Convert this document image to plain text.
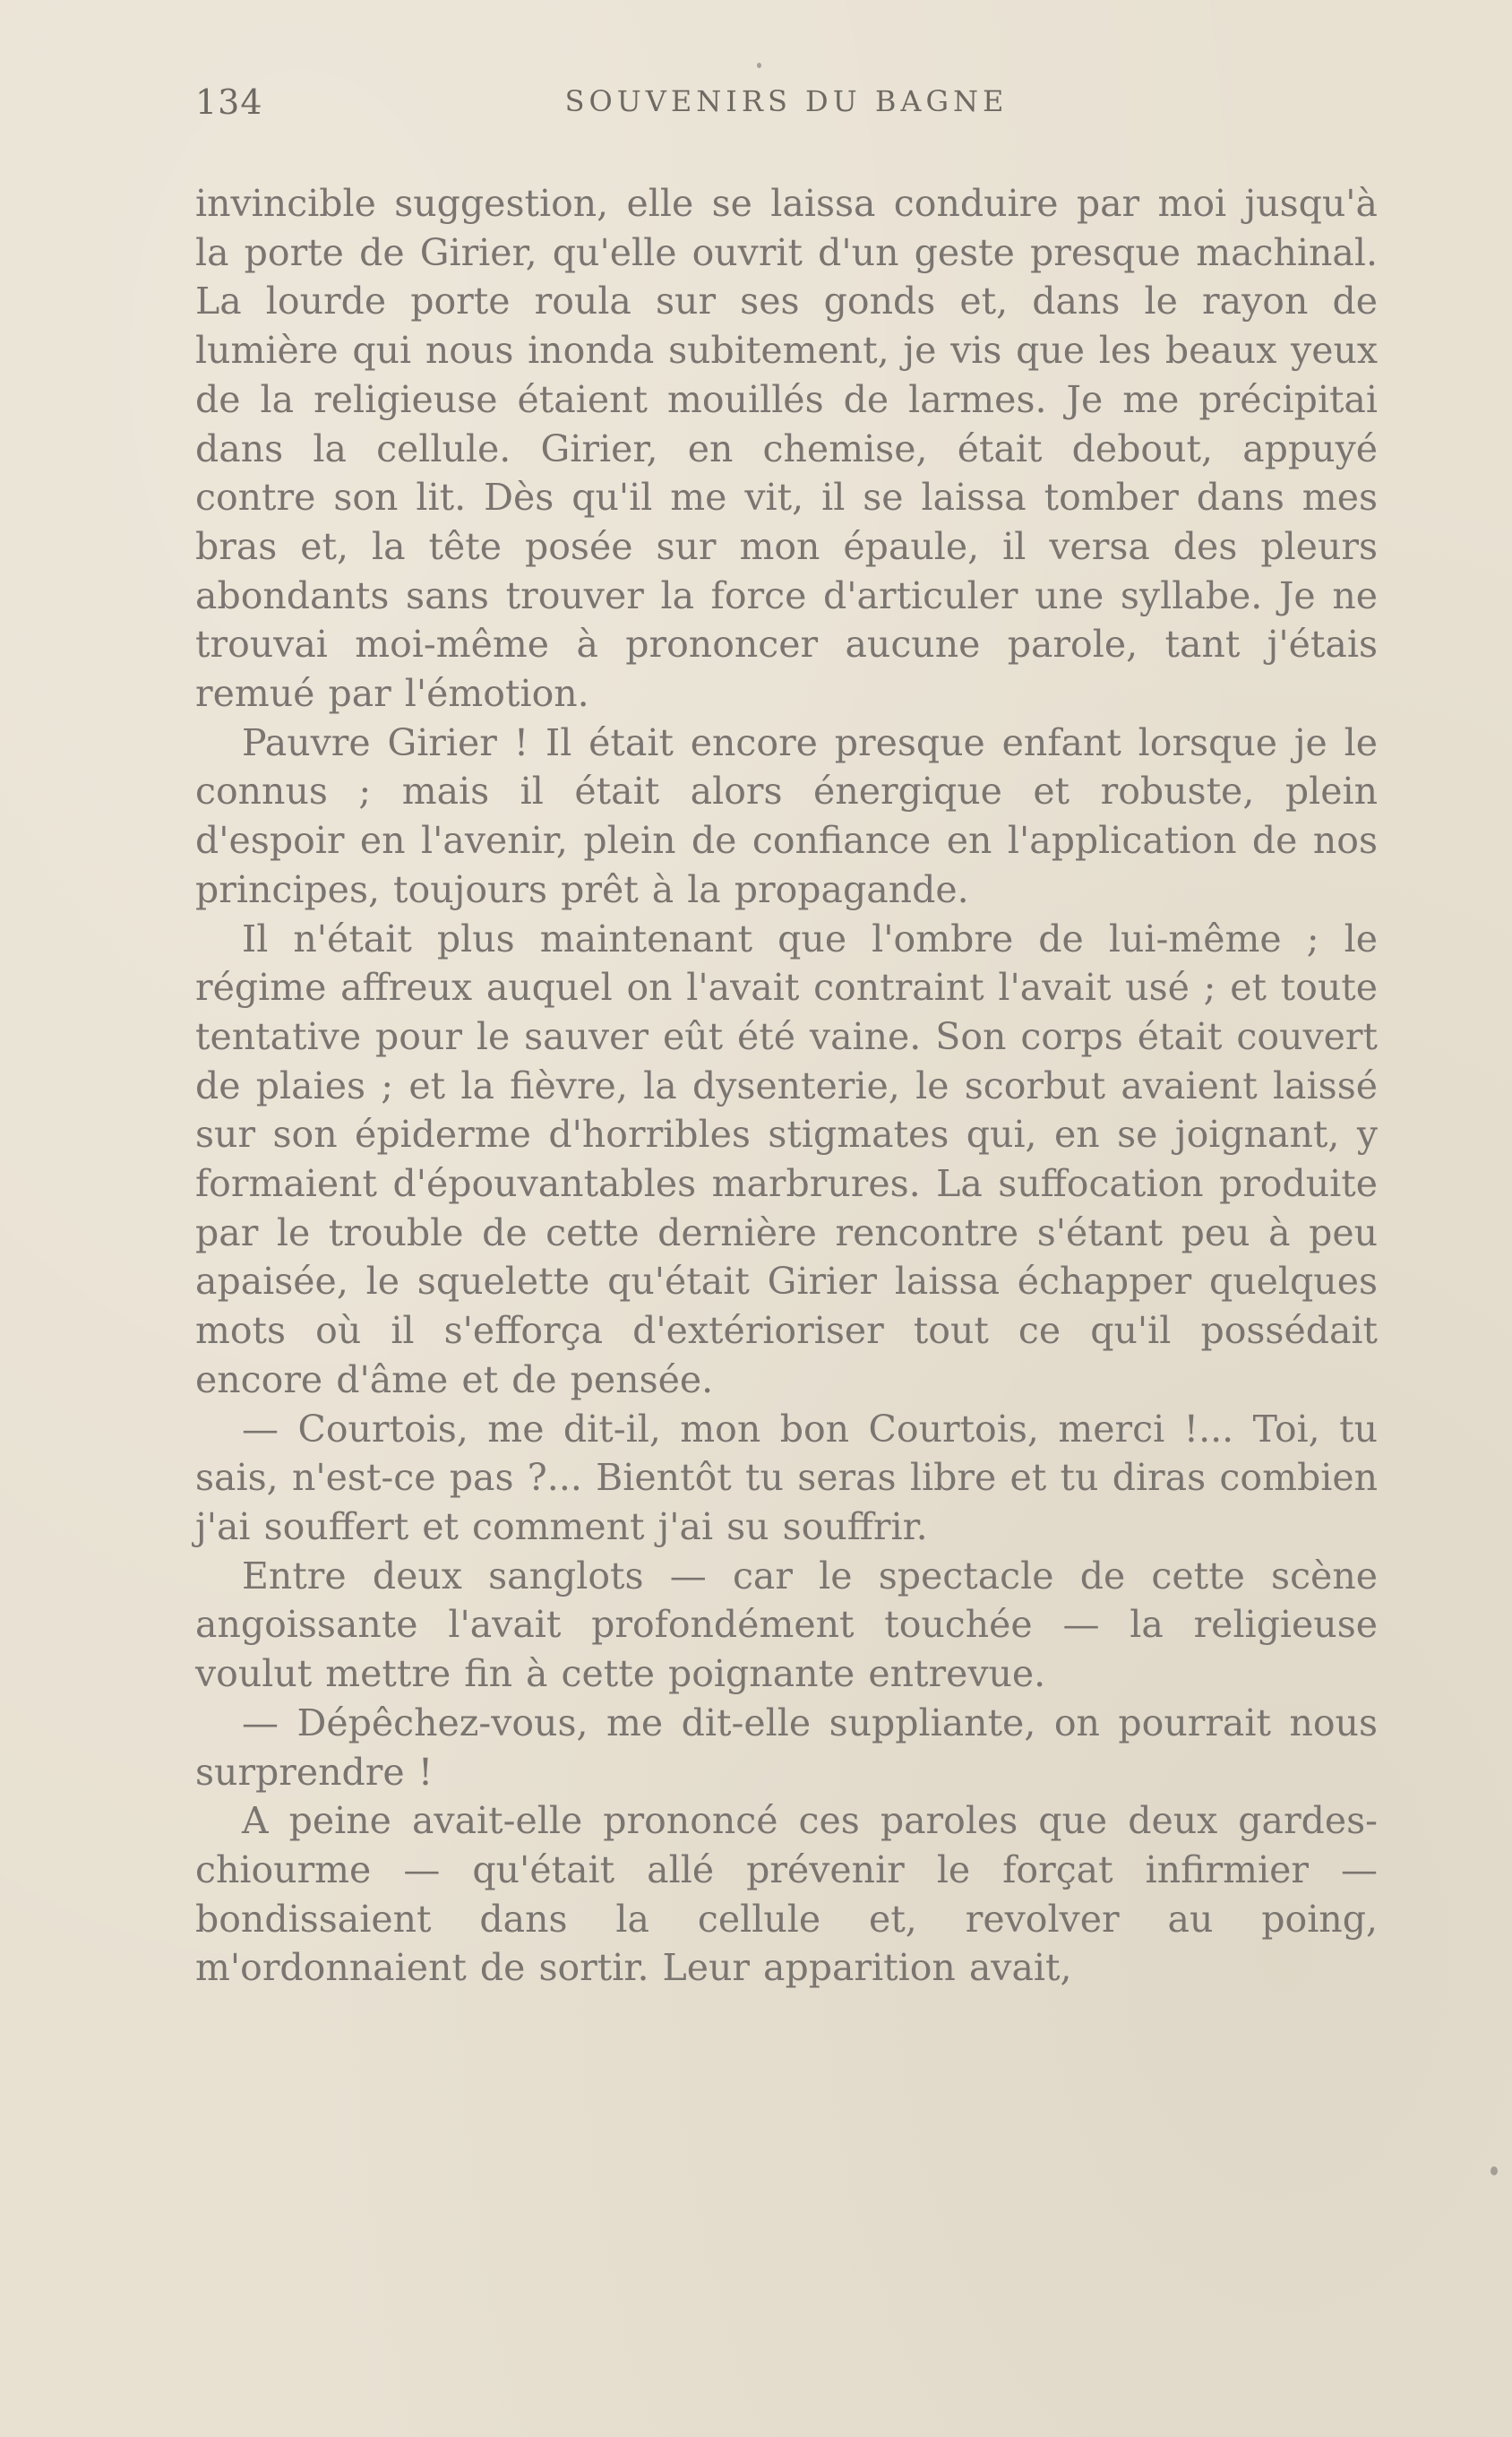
134	SOUVENIRS DU BAGNE

invincible suggestion, elle se laissa conduire par moi jusqu'à la porte de Girier, qu'elle ouvrit d'un geste presque machinal. La lourde porte roula sur ses gonds et, dans le rayon de lumière qui nous inonda subitement, je vis que les beaux yeux de la religieuse étaient mouillés de larmes. Je me précipitai dans la cellule. Girier, en chemise, était debout, appuyé contre son lit. Dès qu'il me vit, il se laissa tomber dans mes bras et, la tête posée sur mon épaule, il versa des pleurs abondants sans trouver la force d'articuler une syllabe. Je ne trouvai moi-même à prononcer aucune parole, tant j'étais remué par l'émotion.

Pauvre Girier ! Il était encore presque enfant lorsque je le connus ; mais il était alors énergique et robuste, plein d'espoir en l'avenir, plein de confiance en l'application de nos principes, toujours prêt à la propagande.

Il n'était plus maintenant que l'ombre de lui-même ; le régime affreux auquel on l'avait contraint l'avait usé ; et toute tentative pour le sauver eût été vaine. Son corps était couvert de plaies ; et la fièvre, la dysenterie, le scorbut avaient laissé sur son épiderme d'horribles stigmates qui, en se joignant, y formaient d'épouvantables marbrures. La suffocation produite par le trouble de cette dernière rencontre s'étant peu à peu apaisée, le squelette qu'était Girier laissa échapper quelques mots où il s'efforça d'extérioriser tout ce qu'il possédait encore d'âme et de pensée.

— Courtois, me dit-il, mon bon Courtois, merci !... Toi, tu sais, n'est-ce pas ?... Bientôt tu seras libre et tu diras combien j'ai souffert et comment j'ai su souffrir.

Entre deux sanglots — car le spectacle de cette scène angoissante l'avait profondément touchée — la religieuse voulut mettre fin à cette poignante entrevue.

— Dépêchez-vous, me dit-elle suppliante, on pourrait nous surprendre !

A peine avait-elle prononcé ces paroles que deux gardes-chiourme — qu'était allé prévenir le forçat infirmier — bondissaient dans la cellule et, revolver au poing, m'ordonnaient de sortir. Leur apparition avait,
